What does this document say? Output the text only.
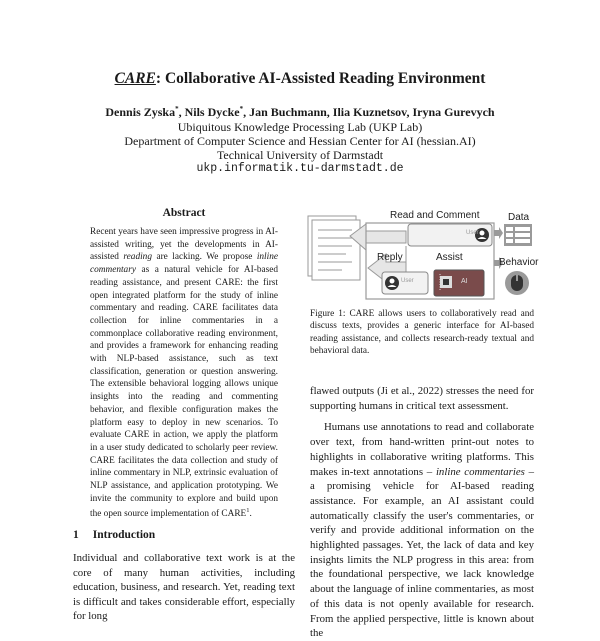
CARE: Collaborative AI-Assisted Reading Environment
Dennis Zyska*, Nils Dycke*, Jan Buchmann, Ilia Kuznetsov, Iryna Gurevych
Ubiquitous Knowledge Processing Lab (UKP Lab)
Department of Computer Science and Hessian Center for AI (hessian.AI)
Technical University of Darmstadt
ukp.informatik.tu-darmstadt.de
Abstract
Recent years have seen impressive progress in AI-assisted writing, yet the developments in AI-assisted reading are lacking. We propose inline commentary as a natural vehicle for AI-based reading assistance, and present CARE: the first open integrated platform for the study of inline commentary and reading. CARE facilitates data collection for inline commentaries in a commonplace collaborative reading environment, and provides a framework for enhancing reading with NLP-based assistance, such as text classification, generation or question answering. The extensible behavioral logging allows unique insights into the reading and commenting behavior, and flexible configuration makes the platform easy to deploy in new scenarios. To evaluate CARE in action, we apply the platform in a user study dedicated to scholarly peer review. CARE facilitates the data collection and study of inline commentary in NLP, extrinsic evaluation of NLP assistance, and application prototyping. We invite the community to explore and build upon the open source implementation of CARE$^1$.
1 Introduction
Individual and collaborative text work is at the core of many human activities, including education, business, and research. Yet, reading text is difficult and takes considerable effort, especially for long
Read and Comment	Data
Reply	Assist	Behavior
User
User	AI
Figure 1: CARE allows users to collaboratively read and discuss texts, provides a generic interface for AI-based reading assistance, and collects research-ready textual and behavioral data.

flawed outputs (Ji et al., 2022) stresses the need for supporting humans in critical text assessment.

Humans use annotations to read and collaborate over text, from hand-written print-out notes to highlights in collaborative writing platforms. This makes in-text annotations – inline commentaries – a promising vehicle for AI-based reading assistance. For example, an AI assistant could automatically classify the user's commentaries, or verify and provide additional information on the highlighted passages. Yet, the lack of data and key insights limits the NLP progress in this area: from the foundational perspective, we lack knowledge about the language of inline commentaries, as most of this data is not openly available for research. From the applied perspective, little is known about the
